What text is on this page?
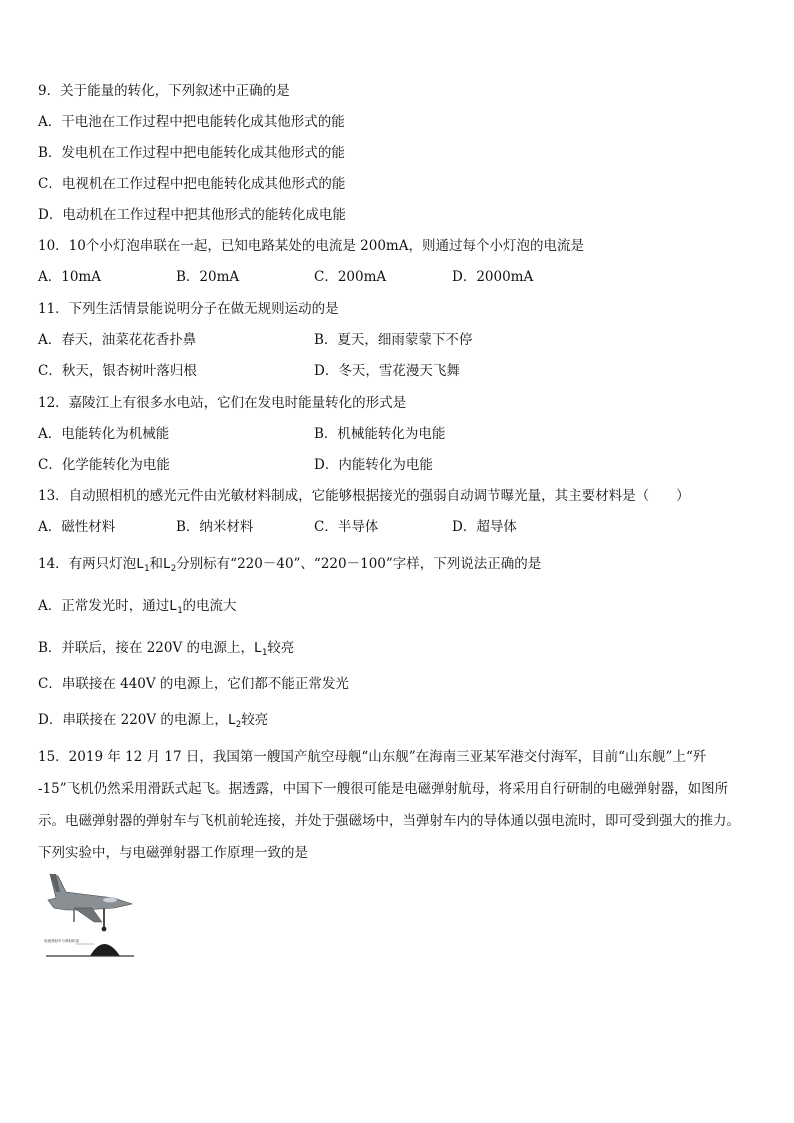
9．关于能量的转化，下列叙述中正确的是
A．干电池在工作过程中把电能转化成其他形式的能
B．发电机在工作过程中把电能转化成其他形式的能
C．电视机在工作过程中把电能转化成其他形式的能
D．电动机在工作过程中把其他形式的能转化成电能
10．10个小灯泡串联在一起，已知电路某处的电流是 200mA，则通过每个小灯泡的电流是
A．10mA	B．20mA	C．200mA	D．2000mA
11．下列生活情景能说明分子在做无规则运动的是
A．春天，油菜花花香扑鼻	B．夏天，细雨蒙蒙下不停
C．秋天，银杏树叶落归根	D．冬天，雪花漫天飞舞
12．嘉陵江上有很多水电站，它们在发电时能量转化的形式是
A．电能转化为机械能	B．机械能转化为电能
C．化学能转化为电能	D．内能转化为电能
13．自动照相机的感光元件由光敏材料制成，它能够根据接光的强弱自动调节曝光量，其主要材料是（　　）
A．磁性材料	B．纳米材料	C．半导体	D．超导体
14．有两只灯泡$L_1$和$L_2$分别标有“220－40”、“220－100”字样，下列说法正确的是
A．正常发光时，通过$L_1$的电流大
B．并联后，接在 220V 的电源上，$L_1$较亮
C．串联接在 440V 的电源上，它们都不能正常发光
D．串联接在 220V 的电源上，$L_2$较亮
15．2019 年 12 月 17 日，我国第一艘国产航空母舰“山东舰”在海南三亚某军港交付海军，目前“山东舰”上“歼
-15”飞机仍然采用滑跃式起飞。据透露，中国下一艘很可能是电磁弹射航母，将采用自行研制的电磁弹射器，如图所
示。电磁弹射器的弹射车与飞机前轮连接，并处于强磁场中，当弹射车内的导体通以强电流时，即可受到强大的推力。
下列实验中，与电磁弹射器工作原理一致的是
电磁弹射车与弹射机架
